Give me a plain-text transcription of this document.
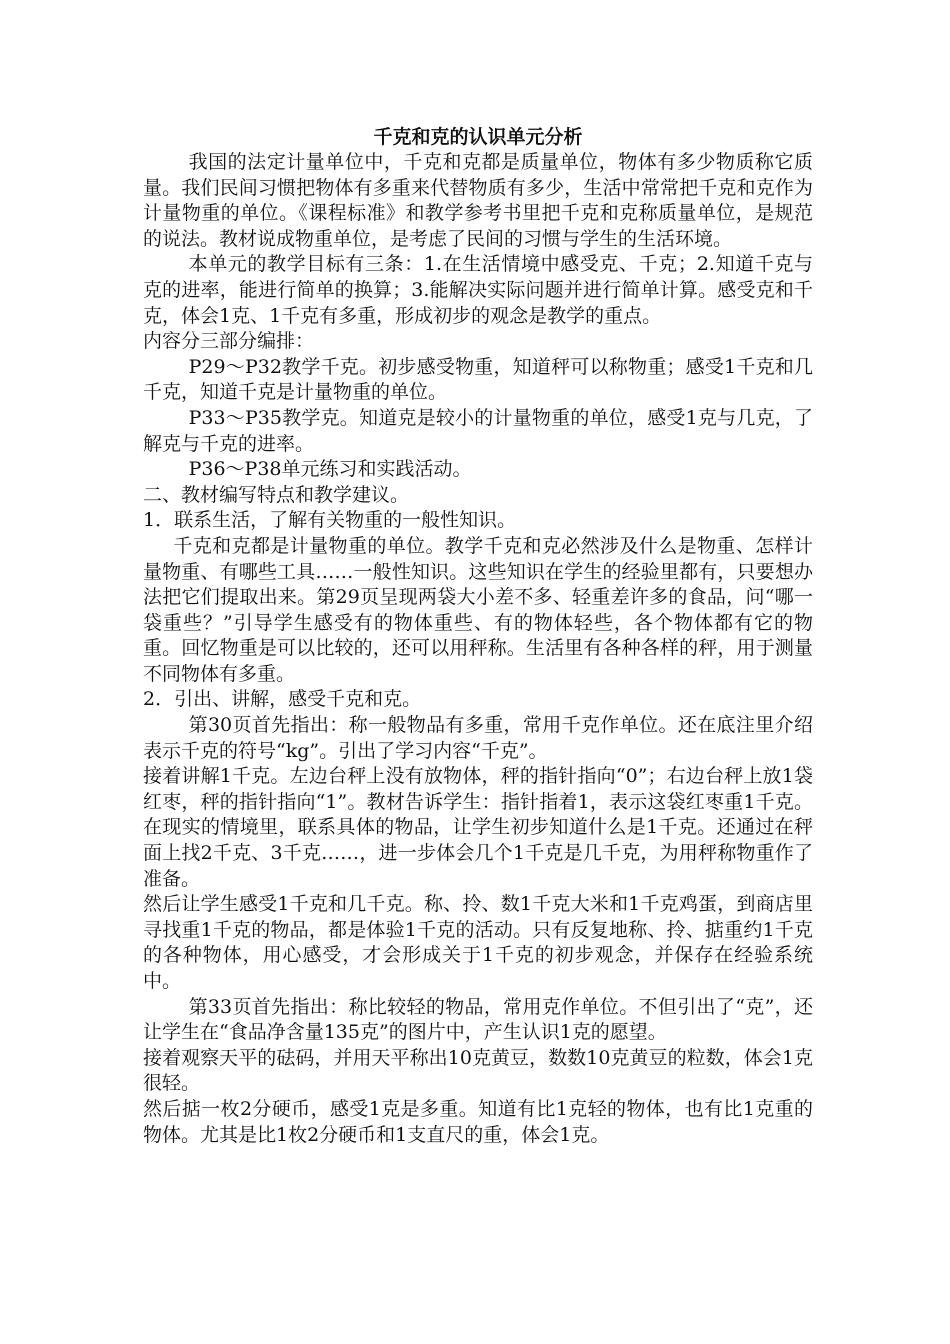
千克和克的认识单元分析

我国的法定计量单位中，千克和克都是质量单位，物体有多少物质称它质量。我们民间习惯把物体有多重来代替物质有多少，生活中常常把千克和克作为计量物重的单位。《课程标准》和教学参考书里把千克和克称质量单位，是规范的说法。教材说成物重单位，是考虑了民间的习惯与学生的生活环境。

本单元的教学目标有三条：1.在生活情境中感受克、千克；2.知道千克与克的进率，能进行简单的换算；3.能解决实际问题并进行简单计算。感受克和千克，体会1克、1千克有多重，形成初步的观念是教学的重点。

内容分三部分编排：

P29～P32教学千克。初步感受物重，知道秤可以称物重；感受1千克和几千克，知道千克是计量物重的单位。

P33～P35教学克。知道克是较小的计量物重的单位，感受1克与几克，了解克与千克的进率。

P36～P38单元练习和实践活动。

二、教材编写特点和教学建议。

1．联系生活，了解有关物重的一般性知识。

千克和克都是计量物重的单位。教学千克和克必然涉及什么是物重、怎样计量物重、有哪些工具……一般性知识。这些知识在学生的经验里都有，只要想办法把它们提取出来。第29页呈现两袋大小差不多、轻重差许多的食品，问“哪一袋重些？”引导学生感受有的物体重些、有的物体轻些，各个物体都有它的物重。回忆物重是可以比较的，还可以用秤称。生活里有各种各样的秤，用于测量不同物体有多重。

2．引出、讲解，感受千克和克。

第30页首先指出：称一般物品有多重，常用千克作单位。还在底注里介绍表示千克的符号“kg”。引出了学习内容“千克”。

接着讲解1千克。左边台秤上没有放物体，秤的指针指向“0”；右边台秤上放1袋红枣，秤的指针指向“1”。教材告诉学生：指针指着1，表示这袋红枣重1千克。在现实的情境里，联系具体的物品，让学生初步知道什么是1千克。还通过在秤面上找2千克、3千克……，进一步体会几个1千克是几千克，为用秤称物重作了准备。

然后让学生感受1千克和几千克。称、拎、数1千克大米和1千克鸡蛋，到商店里寻找重1千克的物品，都是体验1千克的活动。只有反复地称、拎、掂重约1千克的各种物体，用心感受，才会形成关于1千克的初步观念，并保存在经验系统中。

第33页首先指出：称比较轻的物品，常用克作单位。不但引出了“克”，还让学生在“食品净含量135克”的图片中，产生认识1克的愿望。

接着观察天平的砝码，并用天平称出10克黄豆，数数10克黄豆的粒数，体会1克很轻。

然后掂一枚2分硬币，感受1克是多重。知道有比1克轻的物体，也有比1克重的物体。尤其是比1枚2分硬币和1支直尺的重，体会1克。
